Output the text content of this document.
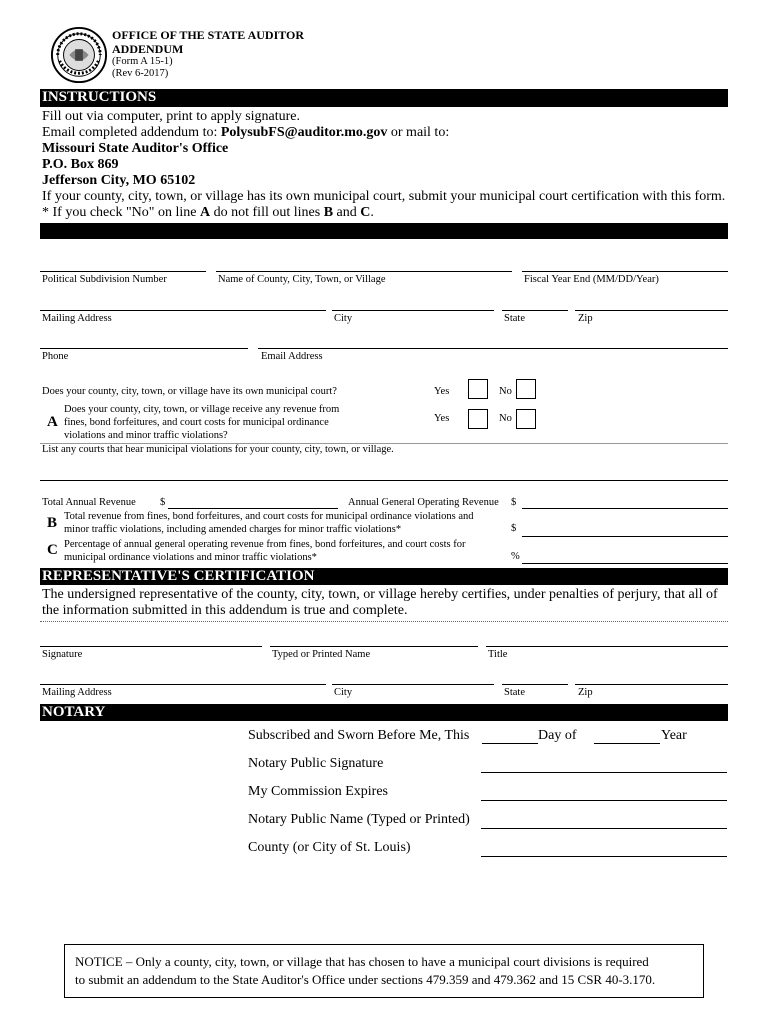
OFFICE OF THE STATE AUDITOR
ADDENDUM
(Form A 15-1)
(Rev 6-2017)
INSTRUCTIONS
Fill out via computer, print to apply signature.
Email completed addendum to: PolysubFS@auditor.mo.gov or mail to:
Missouri State Auditor's Office
P.O. Box 869
Jefferson City, MO 65102
If your county, city, town, or village has its own municipal court, submit your municipal court certification with this form.
* If you check "No" on line A do not fill out lines B and C.
Political Subdivision Number	Name of County, City, Town, or Village	Fiscal Year End (MM/DD/Year)
Mailing Address	City	State	Zip
Phone	Email Address
Does your county, city, town, or village have its own municipal court?	Yes	No
A
Does your county, city, town, or village receive any revenue from
fines, bond forfeitures, and court costs for municipal ordinance
violations and minor traffic violations?
Yes	No
List any courts that hear municipal violations for your county, city, town, or village.
Total Annual Revenue $	Annual General Operating Revenue $
B Total revenue from fines, bond forfeitures, and court costs for municipal ordinance violations and
minor traffic violations, including amended charges for minor traffic violations*	$
C Percentage of annual general operating revenue from fines, bond forfeitures, and court costs for
municipal ordinance violations and minor traffic violations*	%
REPRESENTATIVE'S CERTIFICATION
The undersigned representative of the county, city, town, or village hereby certifies, under penalties of perjury, that all of
the information submitted in this addendum is true and complete.
Signature	Typed or Printed Name	Title
Mailing Address	City	State	Zip
NOTARY
Subscribed and Sworn Before Me, This	Day of	Year
Notary Public Signature
My Commission Expires
Notary Public Name (Typed or Printed)
County (or City of St. Louis)
NOTICE – Only a county, city, town, or village that has chosen to have a municipal court divisions is required
to submit an addendum to the State Auditor's Office under sections 479.359 and 479.362 and 15 CSR 40-3.170.
